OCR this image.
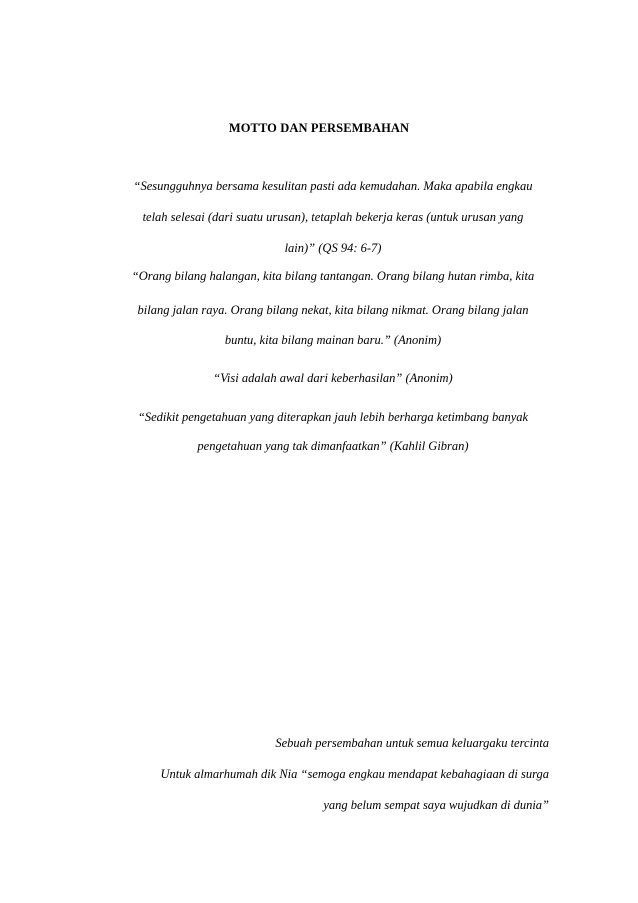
MOTTO DAN PERSEMBAHAN
“Sesungguhnya bersama kesulitan pasti ada kemudahan. Maka apabila engkau
telah selesai (dari suatu urusan), tetaplah bekerja keras (untuk urusan yang
lain)” (QS 94: 6-7)
“Orang bilang halangan, kita bilang tantangan. Orang bilang hutan rimba, kita
bilang jalan raya. Orang bilang nekat, kita bilang nikmat. Orang bilang jalan
buntu, kita bilang mainan baru.” (Anonim)
“Visi adalah awal dari keberhasilan” (Anonim)
“Sedikit pengetahuan yang diterapkan jauh lebih berharga ketimbang banyak
pengetahuan yang tak dimanfaatkan” (Kahlil Gibran)
Sebuah persembahan untuk semua keluargaku tercinta
Untuk almarhumah dik Nia “semoga engkau mendapat kebahagiaan di surga
yang belum sempat saya wujudkan di dunia”
